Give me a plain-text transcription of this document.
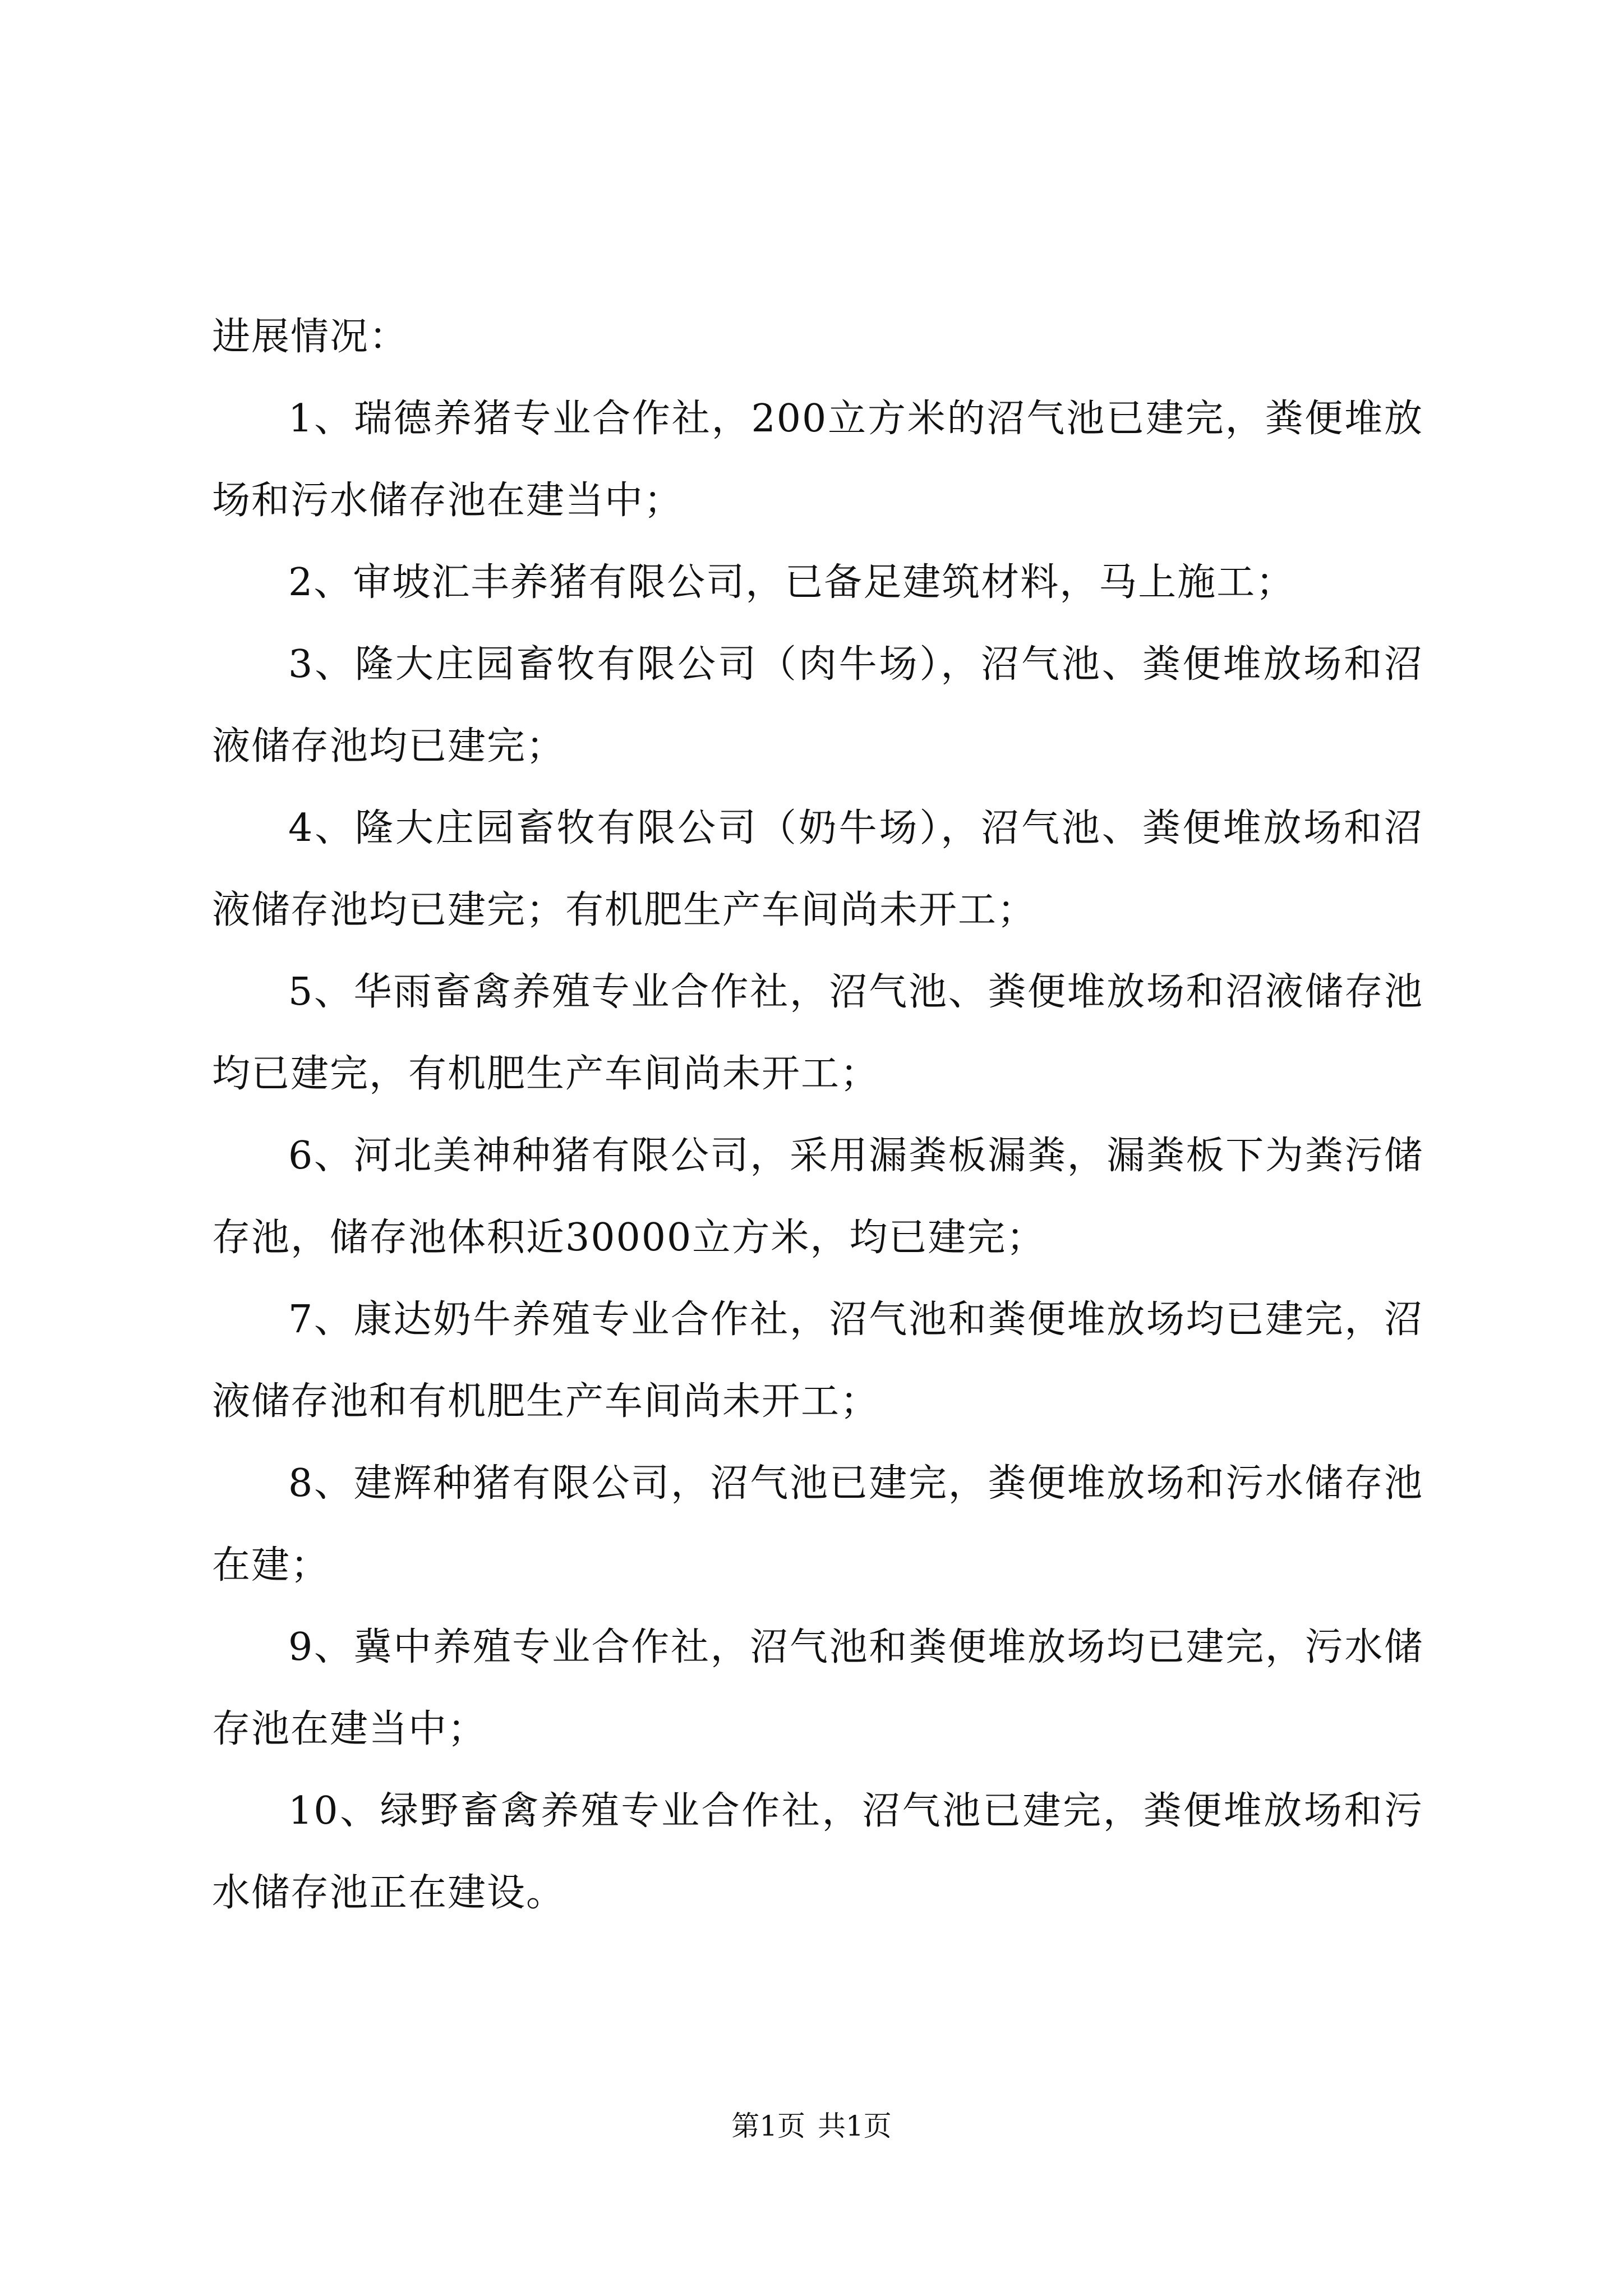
进展情况：

1、瑞德养猪专业合作社，200立方米的沼气池已建完，粪便堆放场和污水储存池在建当中；

2、审坡汇丰养猪有限公司，已备足建筑材料，马上施工；

3、隆大庄园畜牧有限公司（肉牛场），沼气池、粪便堆放场和沼液储存池均已建完；

4、隆大庄园畜牧有限公司（奶牛场），沼气池、粪便堆放场和沼液储存池均已建完；有机肥生产车间尚未开工；

5、华雨畜禽养殖专业合作社，沼气池、粪便堆放场和沼液储存池均已建完，有机肥生产车间尚未开工；

6、河北美神种猪有限公司，采用漏粪板漏粪，漏粪板下为粪污储存池，储存池体积近30000立方米，均已建完；

7、康达奶牛养殖专业合作社，沼气池和粪便堆放场均已建完，沼液储存池和有机肥生产车间尚未开工；

8、建辉种猪有限公司，沼气池已建完，粪便堆放场和污水储存池在建；

9、冀中养殖专业合作社，沼气池和粪便堆放场均已建完，污水储存池在建当中；

10、绿野畜禽养殖专业合作社，沼气池已建完，粪便堆放场和污水储存池正在建设。

第1页 共1页
